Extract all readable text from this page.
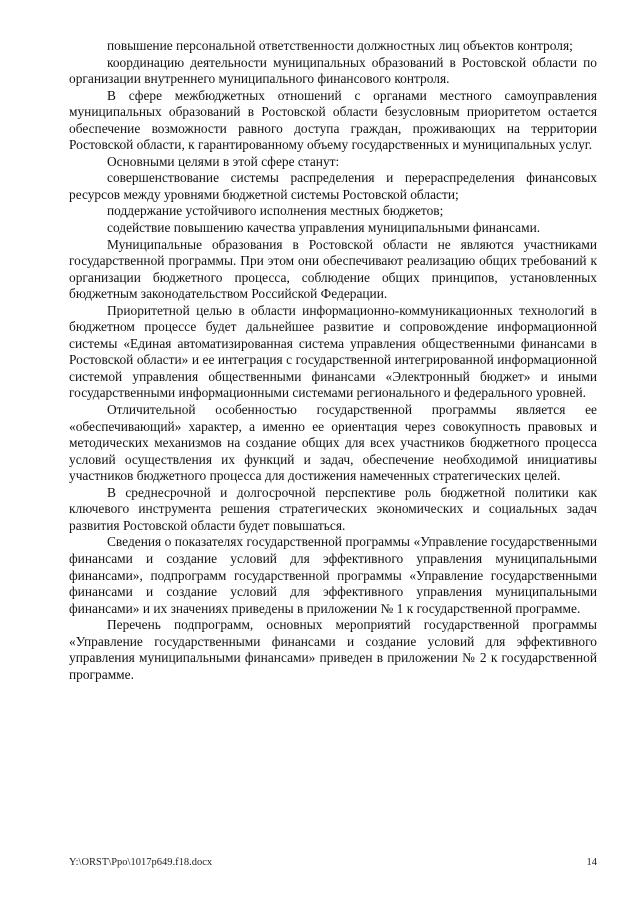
повышение персональной ответственности должностных лиц объектов контроля;

координацию деятельности муниципальных образований в Ростовской области по организации внутреннего муниципального финансового контроля.

В сфере межбюджетных отношений с органами местного самоуправления муниципальных образований в Ростовской области безусловным приоритетом остается обеспечение возможности равного доступа граждан, проживающих на территории Ростовской области, к гарантированному объему государственных и муниципальных услуг.

Основными целями в этой сфере станут:

совершенствование системы распределения и перераспределения финансовых ресурсов между уровнями бюджетной системы Ростовской области;

поддержание устойчивого исполнения местных бюджетов;

содействие повышению качества управления муниципальными финансами.

Муниципальные образования в Ростовской области не являются участниками государственной программы. При этом они обеспечивают реализацию общих требований к организации бюджетного процесса, соблюдение общих принципов, установленных бюджетным законодательством Российской Федерации.

Приоритетной целью в области информационно-коммуникационных технологий в бюджетном процессе будет дальнейшее развитие и сопровождение информационной системы «Единая автоматизированная система управления общественными финансами в Ростовской области» и ее интеграция с государственной интегрированной информационной системой управления общественными финансами «Электронный бюджет» и иными государственными информационными системами регионального и федерального уровней.

Отличительной особенностью государственной программы является ее «обеспечивающий» характер, а именно ее ориентация через совокупность правовых и методических механизмов на создание общих для всех участников бюджетного процесса условий осуществления их функций и задач, обеспечение необходимой инициативы участников бюджетного процесса для достижения намеченных стратегических целей.

В среднесрочной и долгосрочной перспективе роль бюджетной политики как ключевого инструмента решения стратегических экономических и социальных задач развития Ростовской области будет повышаться.

Сведения о показателях государственной программы «Управление государственными финансами и создание условий для эффективного управления муниципальными финансами», подпрограмм государственной программы «Управление государственными финансами и создание условий для эффективного управления муниципальными финансами» и их значениях приведены в приложении № 1 к государственной программе.

Перечень подпрограмм, основных мероприятий государственной программы «Управление государственными финансами и создание условий для эффективного управления муниципальными финансами» приведен в приложении № 2 к государственной программе.

Y:\ORST\Ppo\1017p649.f18.docx	14
